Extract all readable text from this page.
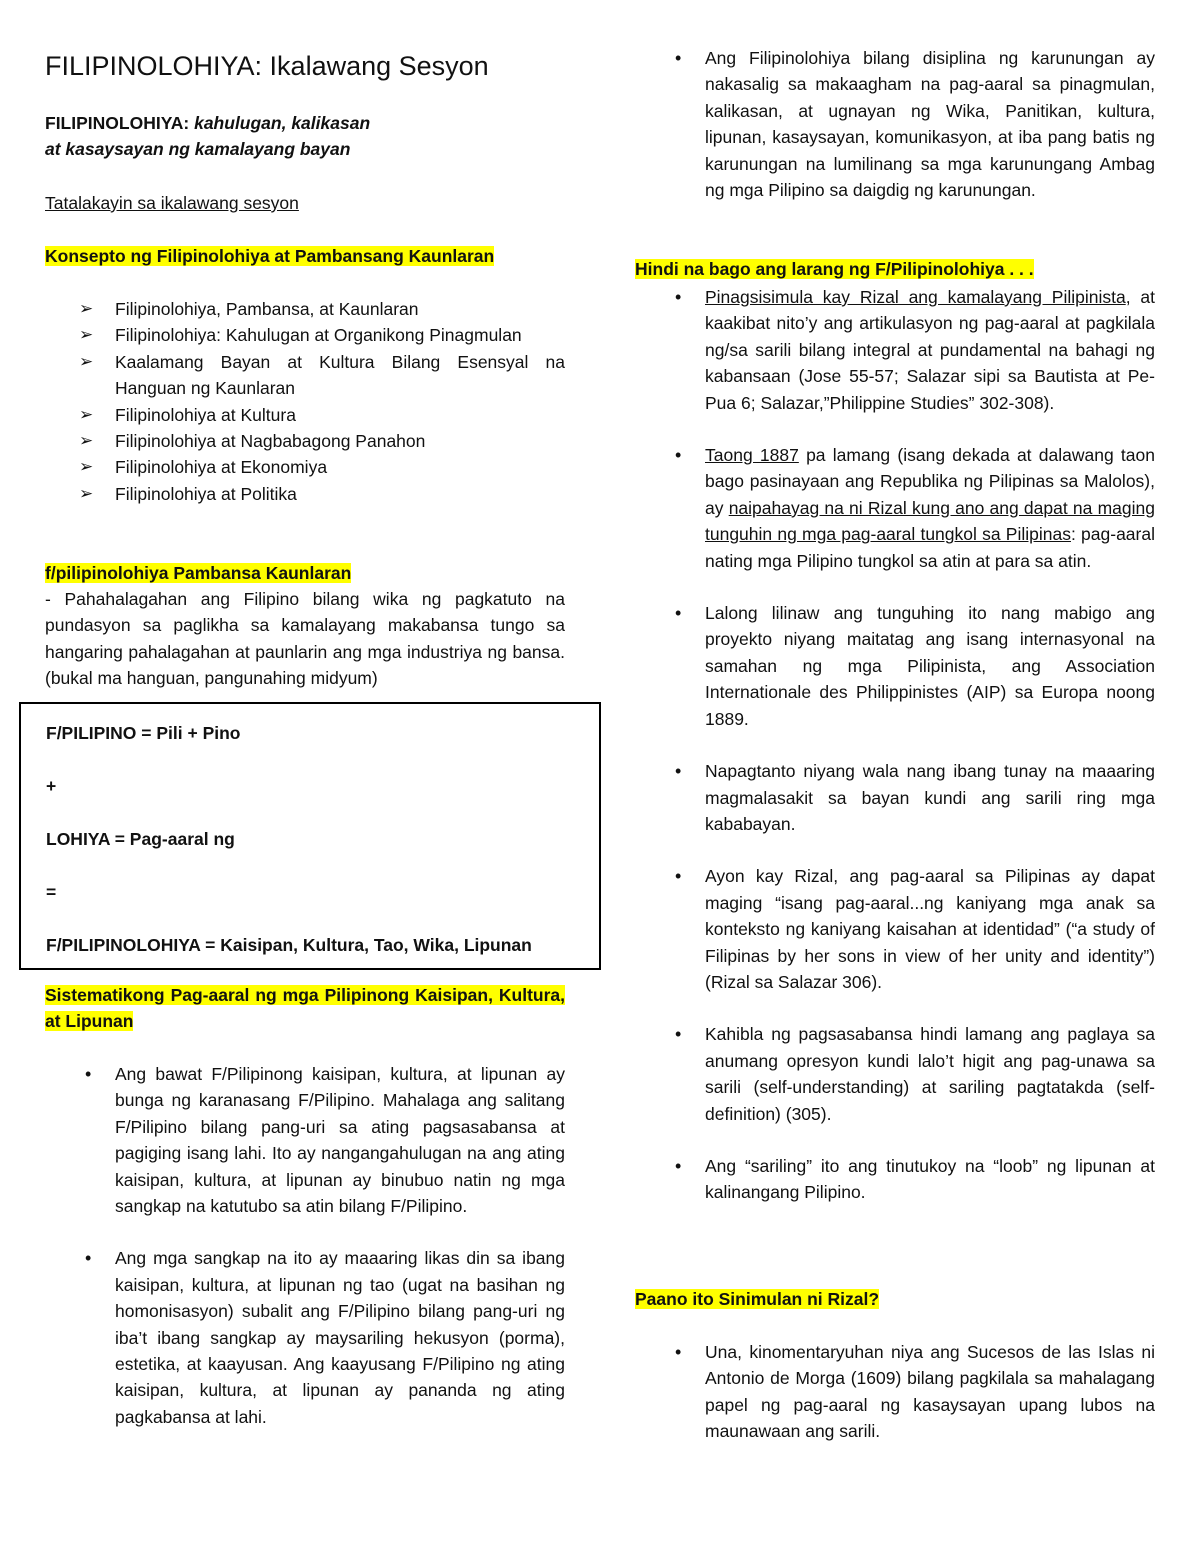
FILIPINOLOHIYA: Ikalawang Sesyon
FILIPINOLOHIYA: kahulugan, kalikasan
at kasaysayan ng kamalayang bayan
Tatalakayin sa ikalawang sesyon
Konsepto ng Filipinolohiya at Pambansang Kaunlaran
➢ Filipinolohiya, Pambansa, at Kaunlaran
➢ Filipinolohiya: Kahulugan at Organikong Pinagmulan
➢ Kaalamang Bayan at Kultura Bilang Esensyal na Hanguan ng Kaunlaran
➢ Filipinolohiya at Kultura
➢ Filipinolohiya at Nagbabagong Panahon
➢ Filipinolohiya at Ekonomiya
➢ Filipinolohiya at Politika
f/pilipinolohiya Pambansa Kaunlaran
- Pahahalagahan ang Filipino bilang wika ng pagkatuto na pundasyon sa paglikha sa kamalayang makabansa tungo sa hangaring pahalagahan at paunlarin ang mga industriya ng bansa. (bukal ma hanguan, pangunahing midyum)
F/PILIPINO = Pili + Pino
+
LOHIYA = Pag-aaral ng
=
F/PILIPINOLOHIYA = Kaisipan, Kultura, Tao, Wika, Lipunan
Sistematikong Pag-aaral ng mga Pilipinong Kaisipan, Kultura, at Lipunan
• Ang bawat F/Pilipinong kaisipan, kultura, at lipunan ay bunga ng karanasang F/Pilipino. Mahalaga ang salitang F/Pilipino bilang pang-uri sa ating pagsasabansa at pagiging isang lahi. Ito ay nangangahulugan na ang ating kaisipan, kultura, at lipunan ay binubuo natin ng mga sangkap na katutubo sa atin bilang F/Pilipino.
• Ang mga sangkap na ito ay maaaring likas din sa ibang kaisipan, kultura, at lipunan ng tao (ugat na basihan ng homonisasyon) subalit ang F/Pilipino bilang pang-uri ng iba’t ibang sangkap ay maysariling hekusyon (porma), estetika, at kaayusan. Ang kaayusang F/Pilipino ng ating kaisipan, kultura, at lipunan ay pananda ng ating pagkabansa at lahi.
• Ang Filipinolohiya bilang disiplina ng karunungan ay nakasalig sa makaagham na pag-aaral sa pinagmulan, kalikasan, at ugnayan ng Wika, Panitikan, kultura, lipunan, kasaysayan, komunikasyon, at iba pang batis ng karunungan na lumilinang sa mga karunungang Ambag ng mga Pilipino sa daigdig ng karunungan.
Hindi na bago ang larang ng F/Pilipinolohiya . . .
• Pinagsisimula kay Rizal ang kamalayang Pilipinista, at kaakibat nito’y ang artikulasyon ng pag-aaral at pagkilala ng/sa sarili bilang integral at pundamental na bahagi ng kabansaan (Jose 55-57; Salazar sipi sa Bautista at Pe-Pua 6; Salazar,”Philippine Studies” 302-308).
• Taong 1887 pa lamang (isang dekada at dalawang taon bago pasinayaan ang Republika ng Pilipinas sa Malolos), ay naipahayag na ni Rizal kung ano ang dapat na maging tunguhin ng mga pag-aaral tungkol sa Pilipinas: pag-aaral nating mga Pilipino tungkol sa atin at para sa atin.
• Lalong lilinaw ang tunguhing ito nang mabigo ang proyekto niyang maitatag ang isang internasyonal na samahan ng mga Pilipinista, ang Association Internationale des Philippinistes (AIP) sa Europa noong 1889.
• Napagtanto niyang wala nang ibang tunay na maaaring magmalasakit sa bayan kundi ang sarili ring mga kababayan.
• Ayon kay Rizal, ang pag-aaral sa Pilipinas ay dapat maging “isang pag-aaral...ng kaniyang mga anak sa konteksto ng kaniyang kaisahan at identidad” (“a study of Filipinas by her sons in view of her unity and identity”) (Rizal sa Salazar 306).
• Kahibla ng pagsasabansa hindi lamang ang paglaya sa anumang opresyon kundi lalo’t higit ang pag-unawa sa sarili (self-understanding) at sariling pagtatakda (self-definition) (305).
• Ang “sariling” ito ang tinutukoy na “loob” ng lipunan at kalinangang Pilipino.
Paano ito Sinimulan ni Rizal?
• Una, kinomentaryuhan niya ang Sucesos de las Islas ni Antonio de Morga (1609) bilang pagkilala sa mahalagang papel ng pag-aaral ng kasaysayan upang lubos na maunawaan ang sarili.
